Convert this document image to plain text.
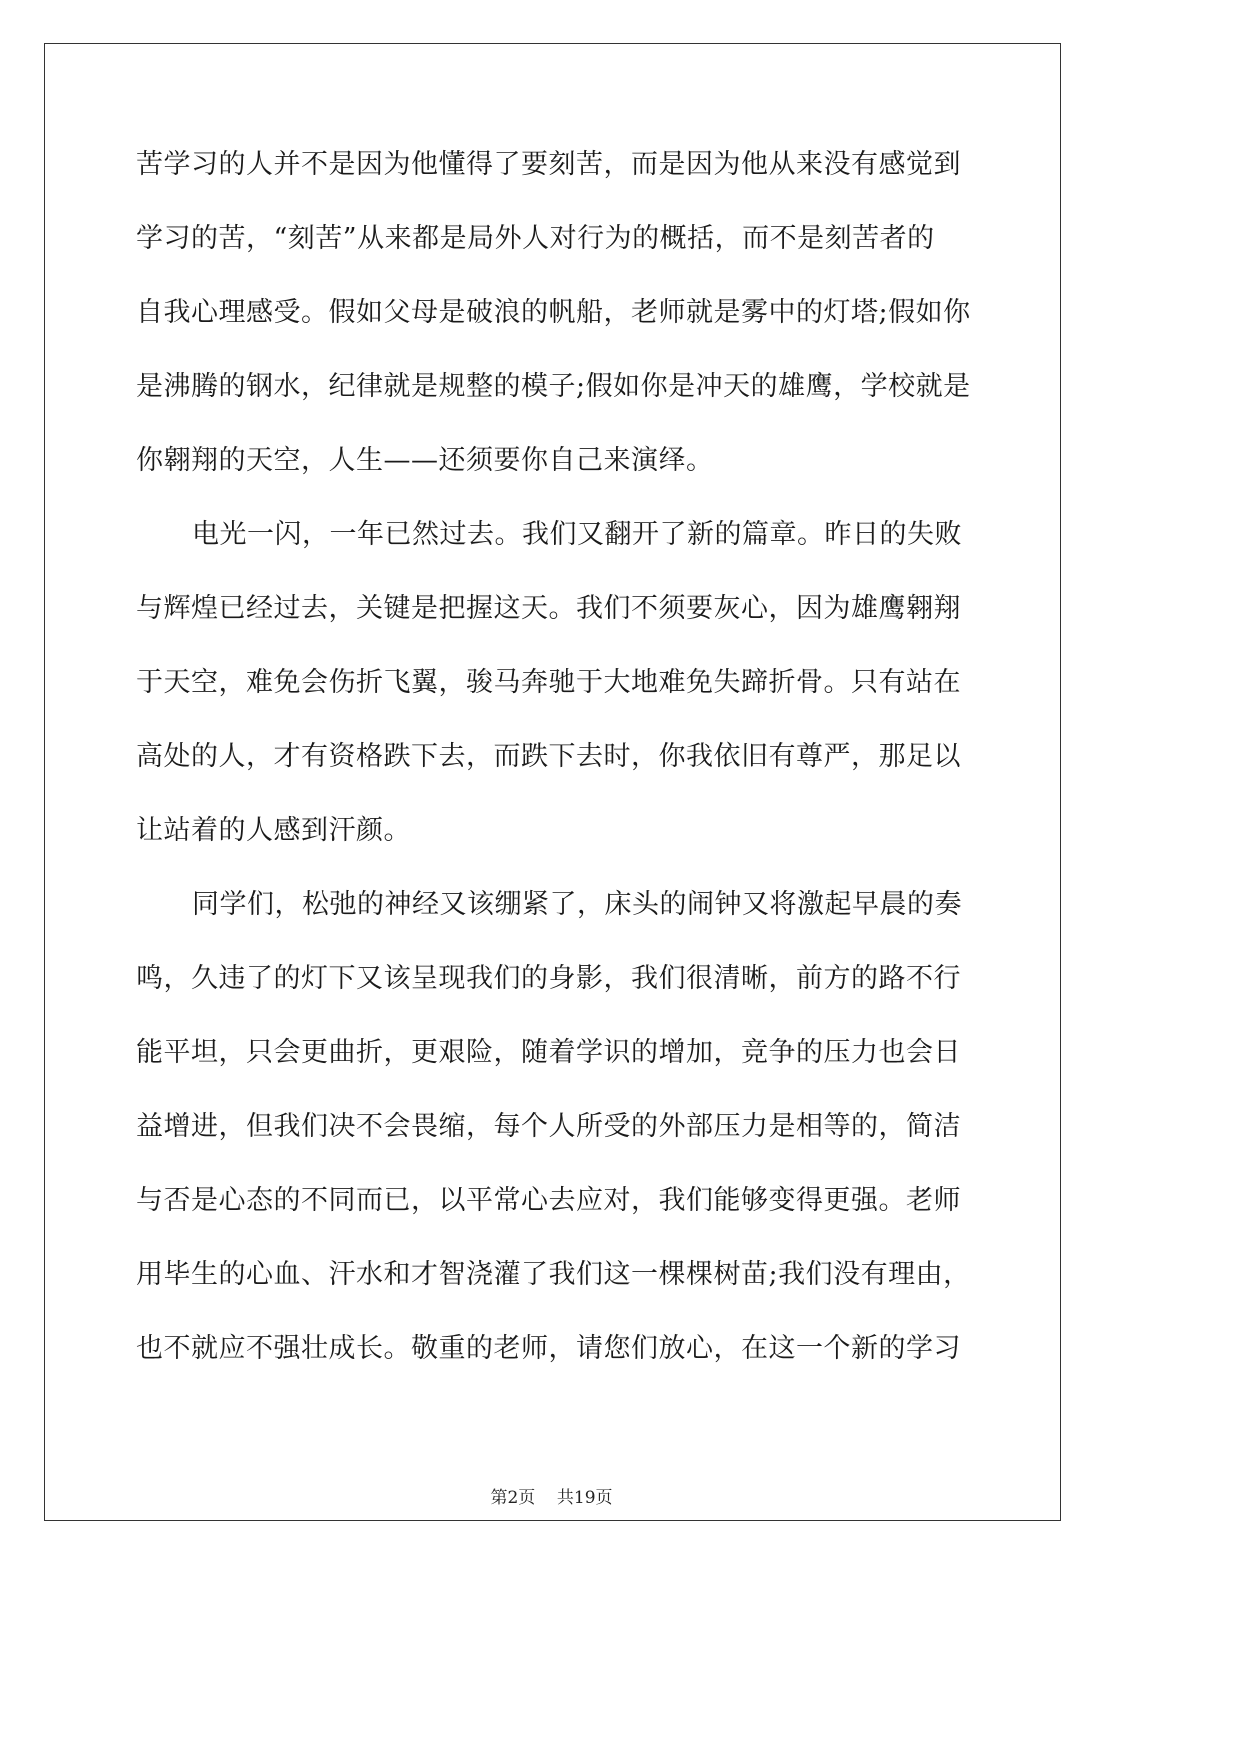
苦学习的人并不是因为他懂得了要刻苦，而是因为他从来没有感觉到
学习的苦，“刻苦”从来都是局外人对行为的概括，而不是刻苦者的
自我心理感受。假如父母是破浪的帆船，老师就是雾中的灯塔;假如你
是沸腾的钢水，纪律就是规整的模子;假如你是冲天的雄鹰，学校就是
你翱翔的天空，人生——还须要你自己来演绎。
电光一闪，一年已然过去。我们又翻开了新的篇章。昨日的失败
与辉煌已经过去，关键是把握这天。我们不须要灰心，因为雄鹰翱翔
于天空，难免会伤折飞翼，骏马奔驰于大地难免失蹄折骨。只有站在
高处的人，才有资格跌下去，而跌下去时，你我依旧有尊严，那足以
让站着的人感到汗颜。
同学们，松弛的神经又该绷紧了，床头的闹钟又将激起早晨的奏
鸣，久违了的灯下又该呈现我们的身影，我们很清晰，前方的路不行
能平坦，只会更曲折，更艰险，随着学识的增加，竞争的压力也会日
益增进，但我们决不会畏缩，每个人所受的外部压力是相等的，简洁
与否是心态的不同而已，以平常心去应对，我们能够变得更强。老师
用毕生的心血、汗水和才智浇灌了我们这一棵棵树苗;我们没有理由，
也不就应不强壮成长。敬重的老师，请您们放心，在这一个新的学习
第2页 共19页
